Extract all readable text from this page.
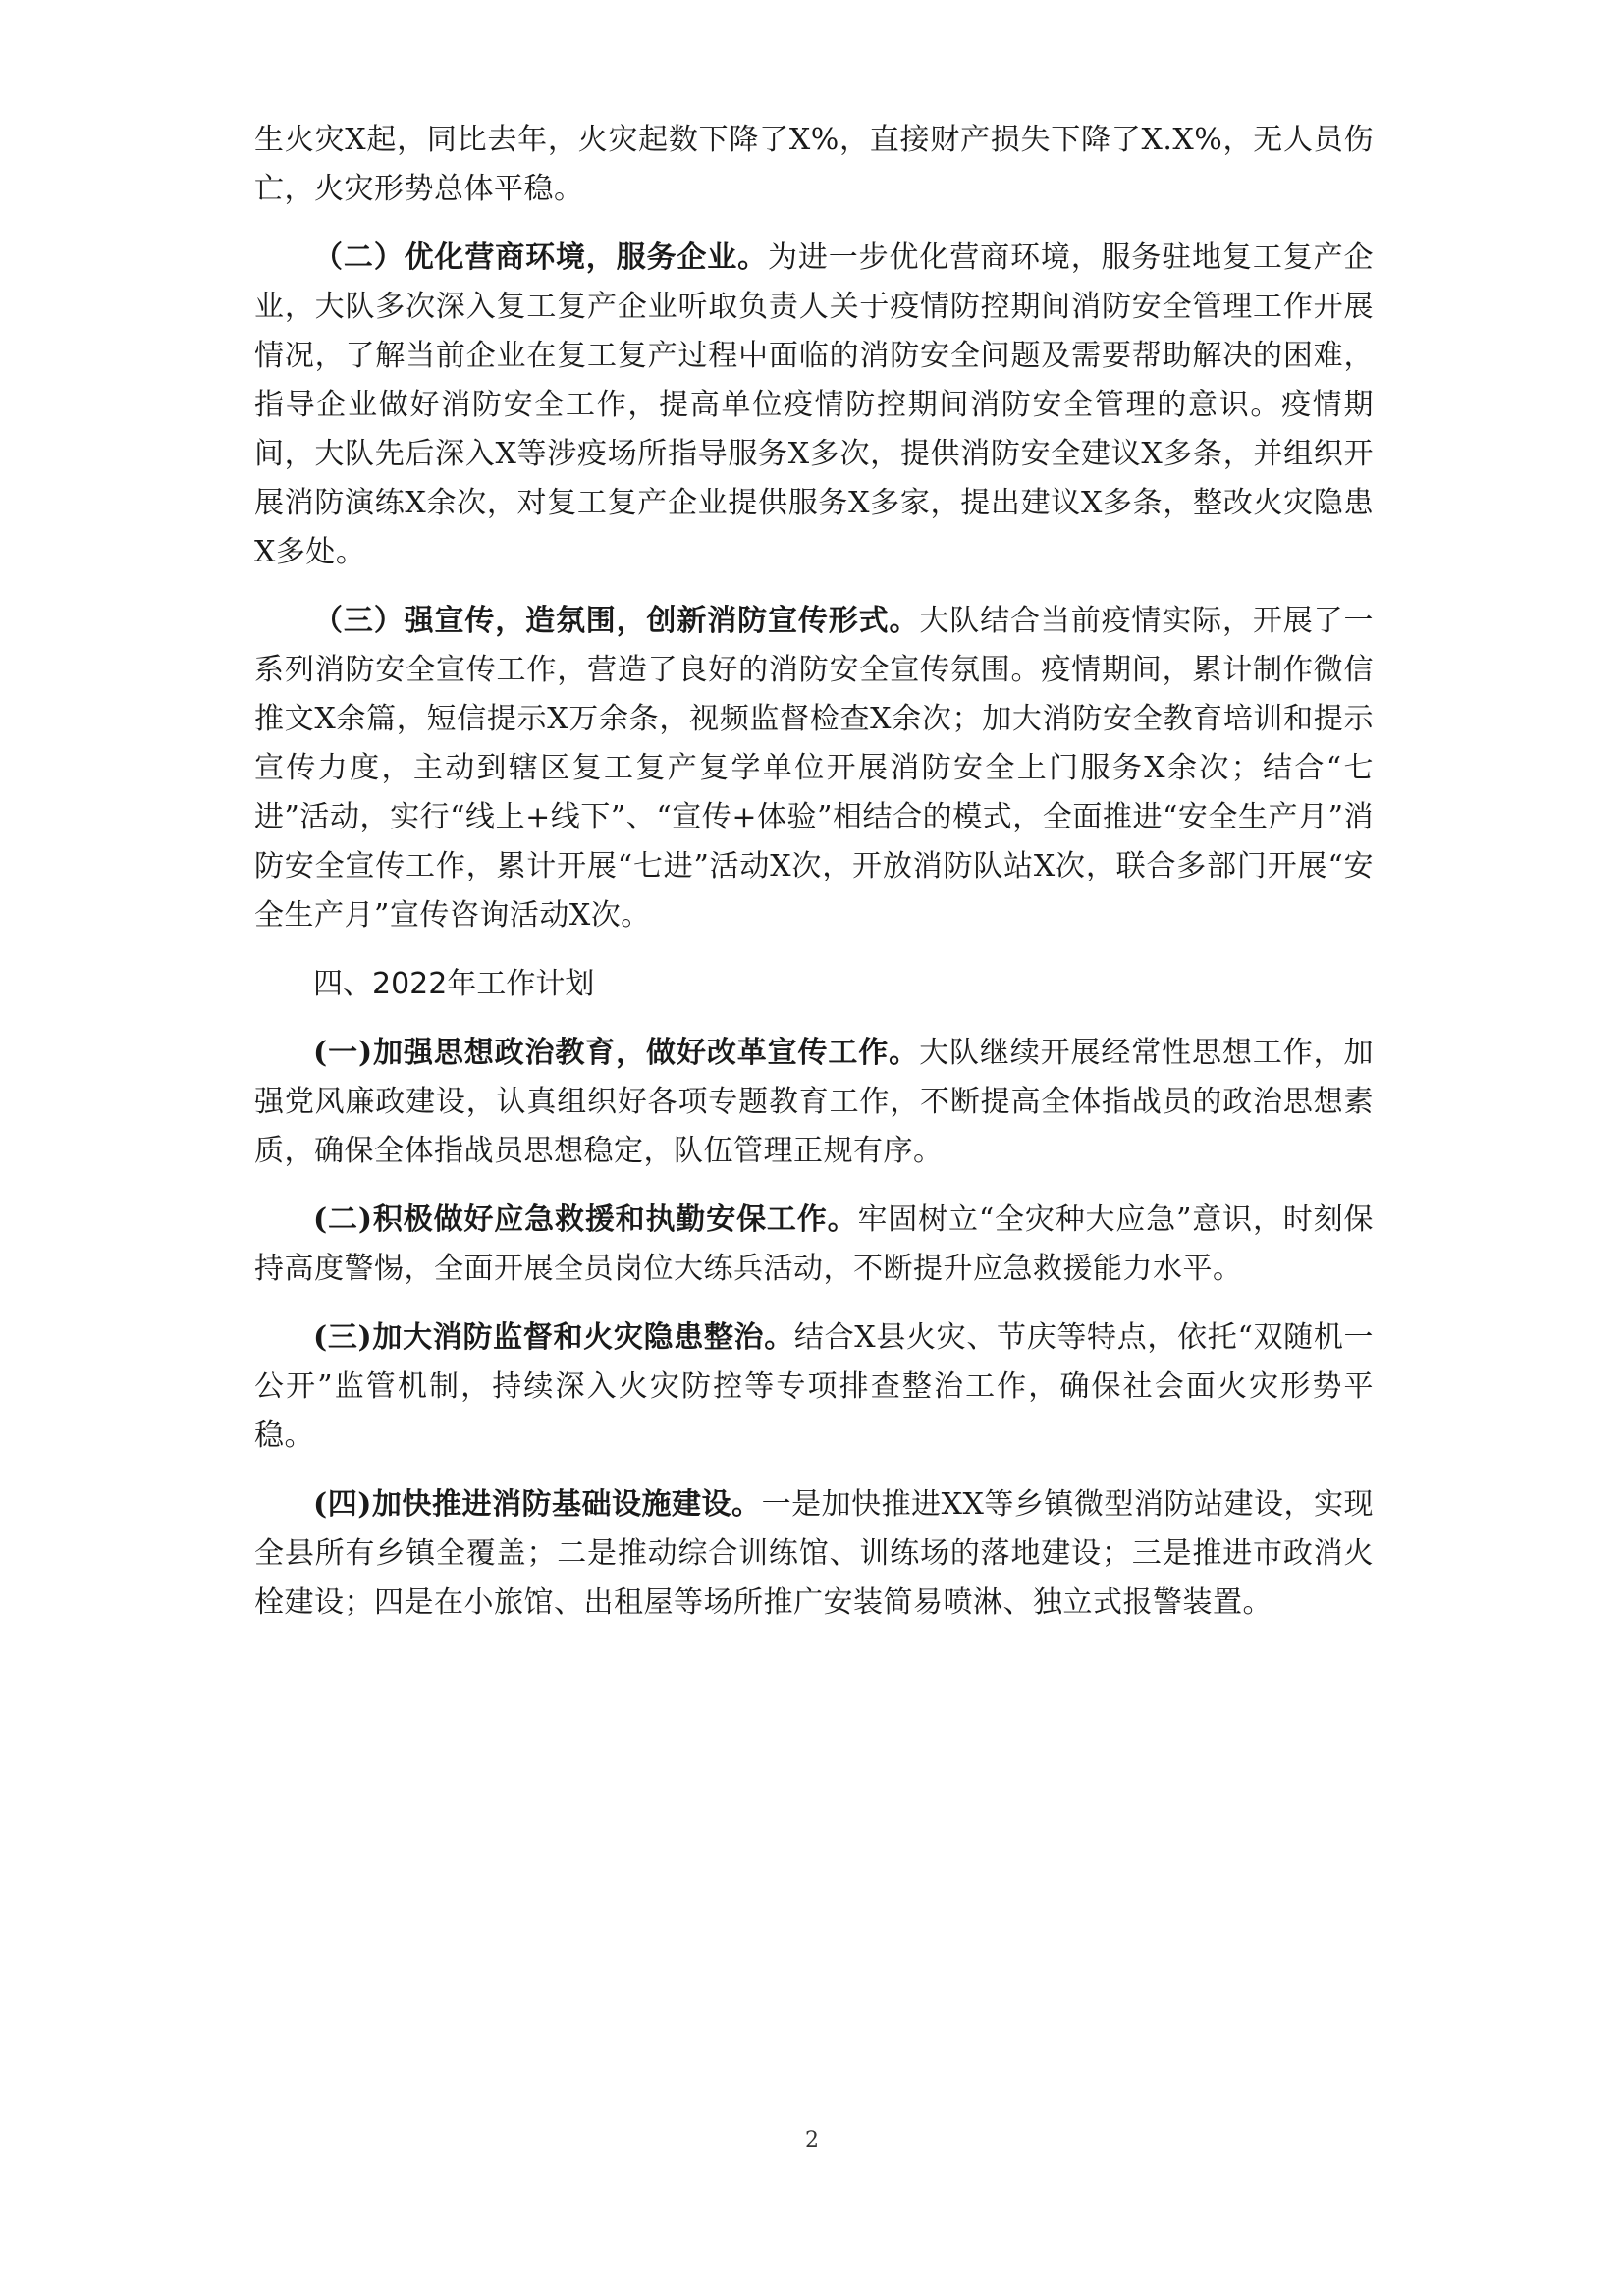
生火灾X起，同比去年，火灾起数下降了X%，直接财产损失下降了X.X%，无人员伤亡，火灾形势总体平稳。

（二）优化营商环境，服务企业。为进一步优化营商环境，服务驻地复工复产企业，大队多次深入复工复产企业听取负责人关于疫情防控期间消防安全管理工作开展情况，了解当前企业在复工复产过程中面临的消防安全问题及需要帮助解决的困难，指导企业做好消防安全工作，提高单位疫情防控期间消防安全管理的意识。疫情期间，大队先后深入X等涉疫场所指导服务X多次，提供消防安全建议X多条，并组织开展消防演练X余次，对复工复产企业提供服务X多家，提出建议X多条，整改火灾隐患X多处。

（三）强宣传，造氛围，创新消防宣传形式。大队结合当前疫情实际，开展了一系列消防安全宣传工作，营造了良好的消防安全宣传氛围。疫情期间，累计制作微信推文X余篇，短信提示X万余条，视频监督检查X余次；加大消防安全教育培训和提示宣传力度，主动到辖区复工复产复学单位开展消防安全上门服务X余次；结合“七进”活动，实行“线上+线下”、“宣传+体验”相结合的模式，全面推进“安全生产月”消防安全宣传工作，累计开展“七进”活动X次，开放消防队站X次，联合多部门开展“安全生产月”宣传咨询活动X次。

四、2022年工作计划

(一)加强思想政治教育，做好改革宣传工作。大队继续开展经常性思想工作，加强党风廉政建设，认真组织好各项专题教育工作，不断提高全体指战员的政治思想素质，确保全体指战员思想稳定，队伍管理正规有序。

(二)积极做好应急救援和执勤安保工作。牢固树立“全灾种大应急”意识，时刻保持高度警惕，全面开展全员岗位大练兵活动，不断提升应急救援能力水平。

(三)加大消防监督和火灾隐患整治。结合X县火灾、节庆等特点，依托“双随机一公开”监管机制，持续深入火灾防控等专项排查整治工作，确保社会面火灾形势平稳。

(四)加快推进消防基础设施建设。一是加快推进XX等乡镇微型消防站建设，实现全县所有乡镇全覆盖；二是推动综合训练馆、训练场的落地建设；三是推进市政消火栓建设；四是在小旅馆、出租屋等场所推广安装简易喷淋、独立式报警装置。

2
